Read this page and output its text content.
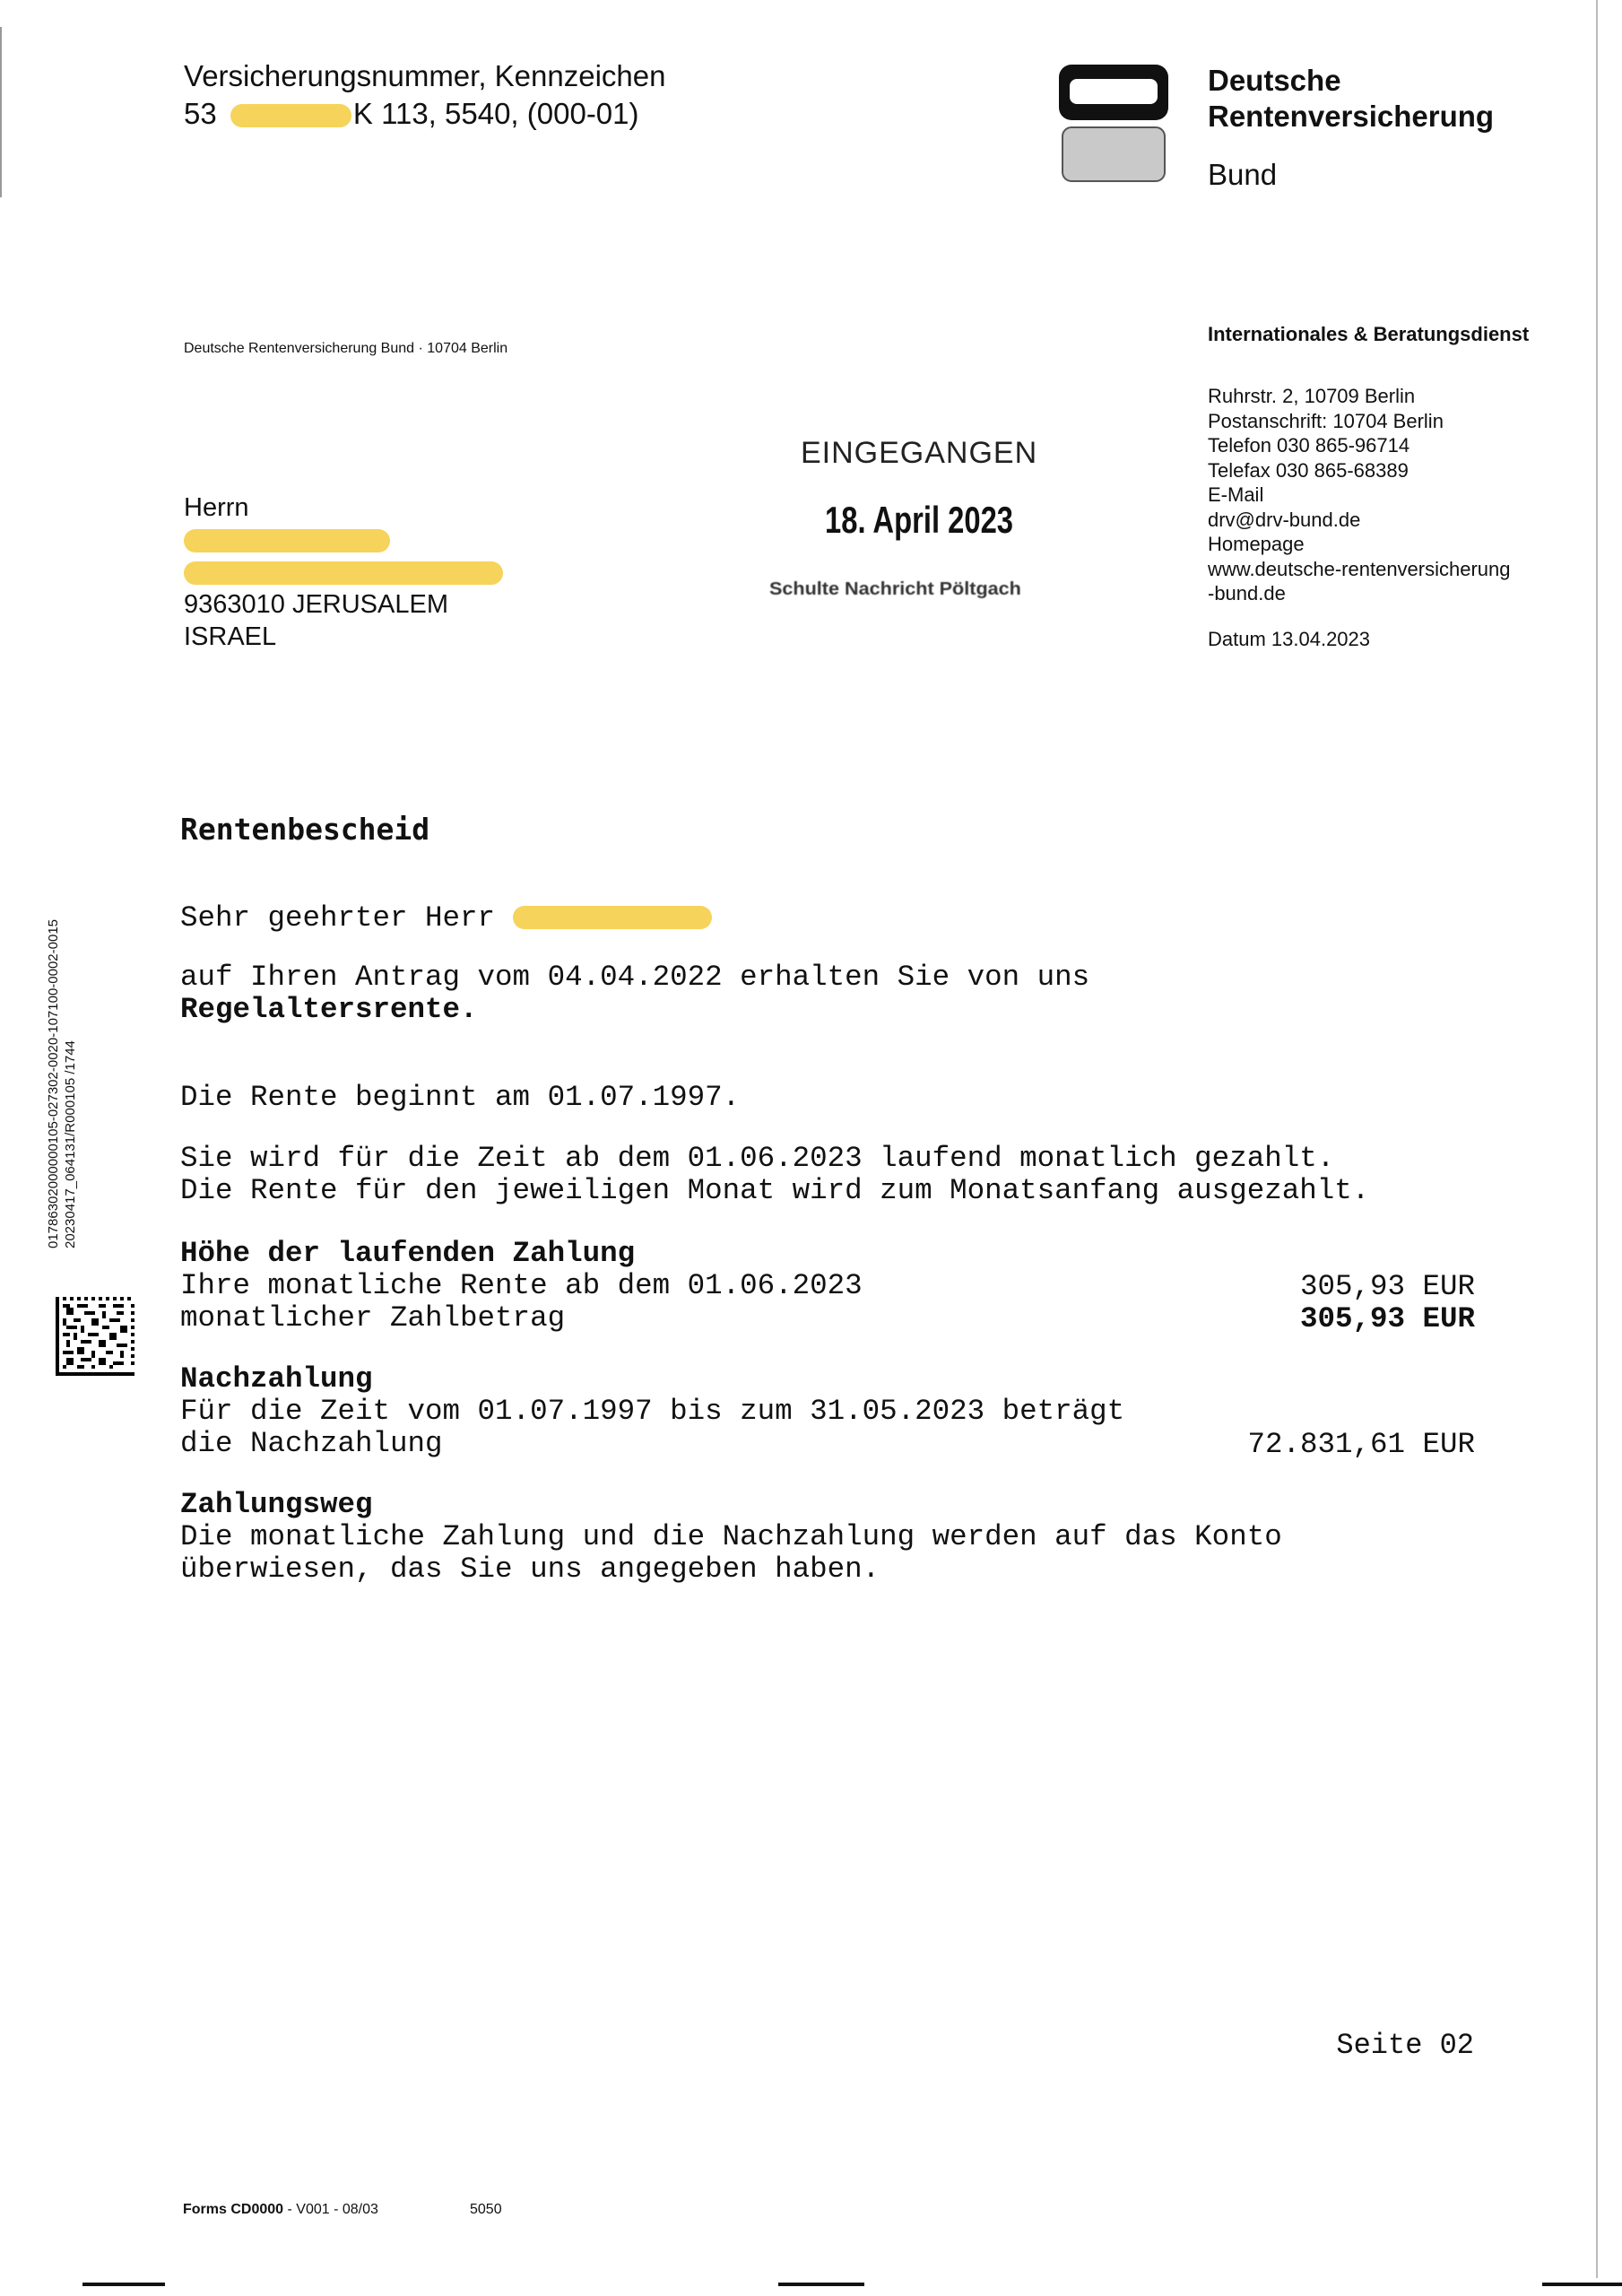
Versicherungsnummer, Kennzeichen
53	K 113, 5540, (000-01)
Deutsche
Rentenversicherung
Bund
Deutsche Rentenversicherung Bund · 10704 Berlin
Internationales & Beratungsdienst
Ruhrstr. 2, 10709 Berlin
Postanschrift: 10704 Berlin
Telefon 030 865-96714
Telefax 030 865-68389
E-Mail
drv@drv-bund.de
Homepage
www.deutsche-rentenversicherung
-bund.de
Datum 13.04.2023
Herrn
9363010 JERUSALEM
ISRAEL
EINGEGANGEN
18. April 2023
Schulte Nachricht Pöltgach
01786302000000105-027302-0020-107100-0002-0015 20230417_064131/R000105 /1744
Rentenbescheid
Sehr geehrter Herr
auf Ihren Antrag vom 04.04.2022 erhalten Sie von uns
Regelaltersrente.
Die Rente beginnt am 01.07.1997.
Sie wird für die Zeit ab dem 01.06.2023 laufend monatlich gezahlt.
Die Rente für den jeweiligen Monat wird zum Monatsanfang ausgezahlt.
Höhe der laufenden Zahlung
Ihre monatliche Rente ab dem 01.06.2023	305,93 EUR
monatlicher Zahlbetrag	305,93 EUR
Nachzahlung
Für die Zeit vom 01.07.1997 bis zum 31.05.2023 beträgt
die Nachzahlung	72.831,61 EUR
Zahlungsweg
Die monatliche Zahlung und die Nachzahlung werden auf das Konto
überwiesen, das Sie uns angegeben haben.
Seite 02
Forms CD0000 - V001 - 08/03	5050
